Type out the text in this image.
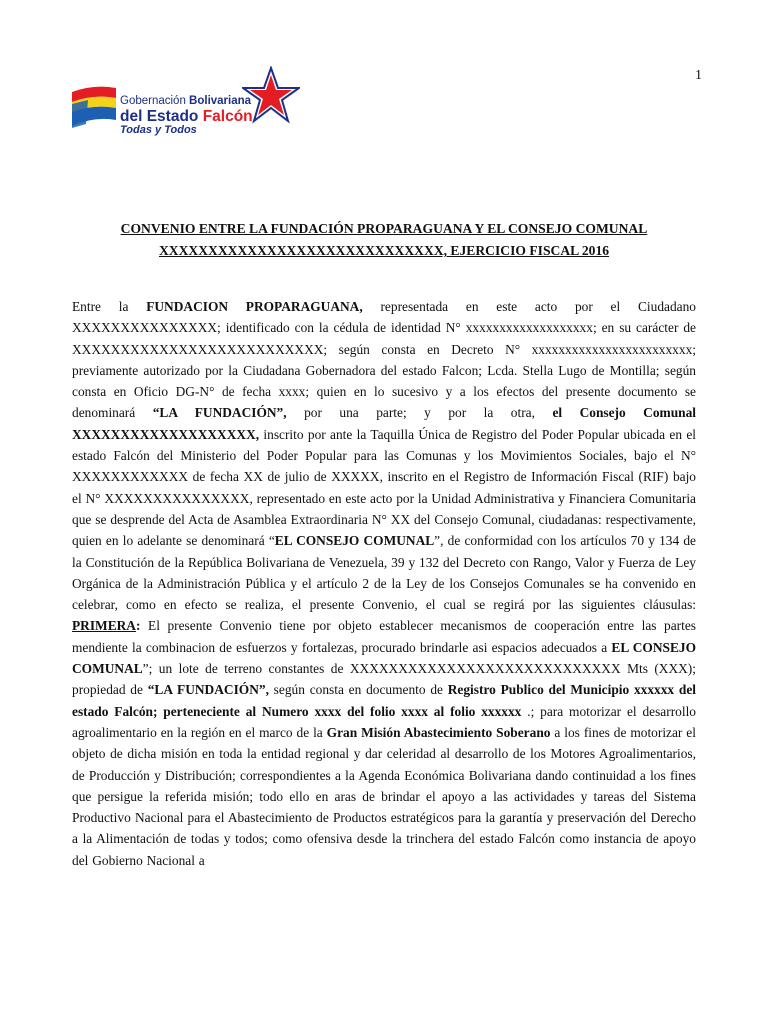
1
Gobernación Bolivariana
del Estado Falcón
Todas y Todos
CONVENIO ENTRE LA FUNDACIÓN PROPARAGUANA Y EL CONSEJO COMUNAL
XXXXXXXXXXXXXXXXXXXXXXXXXXXXX, EJERCICIO FISCAL 2016
Entre la FUNDACION PROPARAGUANA, representada en este acto por el Ciudadano XXXXXXXXXXXXXXX; identificado con la cédula de identidad N° xxxxxxxxxxxxxxxxxxx; en su carácter de XXXXXXXXXXXXXXXXXXXXXXXXXX; según consta en Decreto N° xxxxxxxxxxxxxxxxxxxxxxxx; previamente autorizado por la Ciudadana Gobernadora del estado Falcon; Lcda. Stella Lugo de Montilla; según consta en Oficio DG-N° de fecha xxxx; quien en lo sucesivo y a los efectos del presente documento se denominará “LA FUNDACIÓN”, por una parte; y por la otra, el Consejo Comunal XXXXXXXXXXXXXXXXXXX, inscrito por ante la Taquilla Única de Registro del Poder Popular ubicada en el estado Falcón del Ministerio del Poder Popular para las Comunas y los Movimientos Sociales, bajo el N° XXXXXXXXXXXX de fecha XX de julio de XXXXX, inscrito en el Registro de Información Fiscal (RIF) bajo el N° XXXXXXXXXXXXXXX, representado en este acto por la Unidad Administrativa y Financiera Comunitaria que se desprende del Acta de Asamblea Extraordinaria N° XX del Consejo Comunal, ciudadanas: respectivamente, quien en lo adelante se denominará “EL CONSEJO COMUNAL”, de conformidad con los artículos 70 y 134 de la Constitución de la República Bolivariana de Venezuela, 39 y 132 del Decreto con Rango, Valor y Fuerza de Ley Orgánica de la Administración Pública y el artículo 2 de la Ley de los Consejos Comunales se ha convenido en celebrar, como en efecto se realiza, el presente Convenio, el cual se regirá por las siguientes cláusulas: PRIMERA: El presente Convenio tiene por objeto establecer mecanismos de cooperación entre las partes mendiente la combinacion de esfuerzos y fortalezas, procurado brindarle asi espacios adecuados a EL CONSEJO COMUNAL”; un lote de terreno constantes de XXXXXXXXXXXXXXXXXXXXXXXXXXXX Mts (XXX); propiedad de “LA FUNDACIÓN”, según consta en documento de Registro Publico del Municipio xxxxxx del estado Falcón; perteneciente al Numero xxxx del folio xxxx al folio xxxxxx .; para motorizar el desarrollo agroalimentario en la región en el marco de la Gran Misión Abastecimiento Soberano a los fines de motorizar el objeto de dicha misión en toda la entidad regional y dar celeridad al desarrollo de los Motores Agroalimentarios, de Producción y Distribución; correspondientes a la Agenda Económica Bolivariana dando continuidad a los fines que persigue la referida misión; todo ello en aras de brindar el apoyo a las actividades y tareas del Sistema Productivo Nacional para el Abastecimiento de Productos estratégicos para la garantía y preservación del Derecho a la Alimentación de todas y todos; como ofensiva desde la trinchera del estado Falcón como instancia de apoyo del Gobierno Nacional a
